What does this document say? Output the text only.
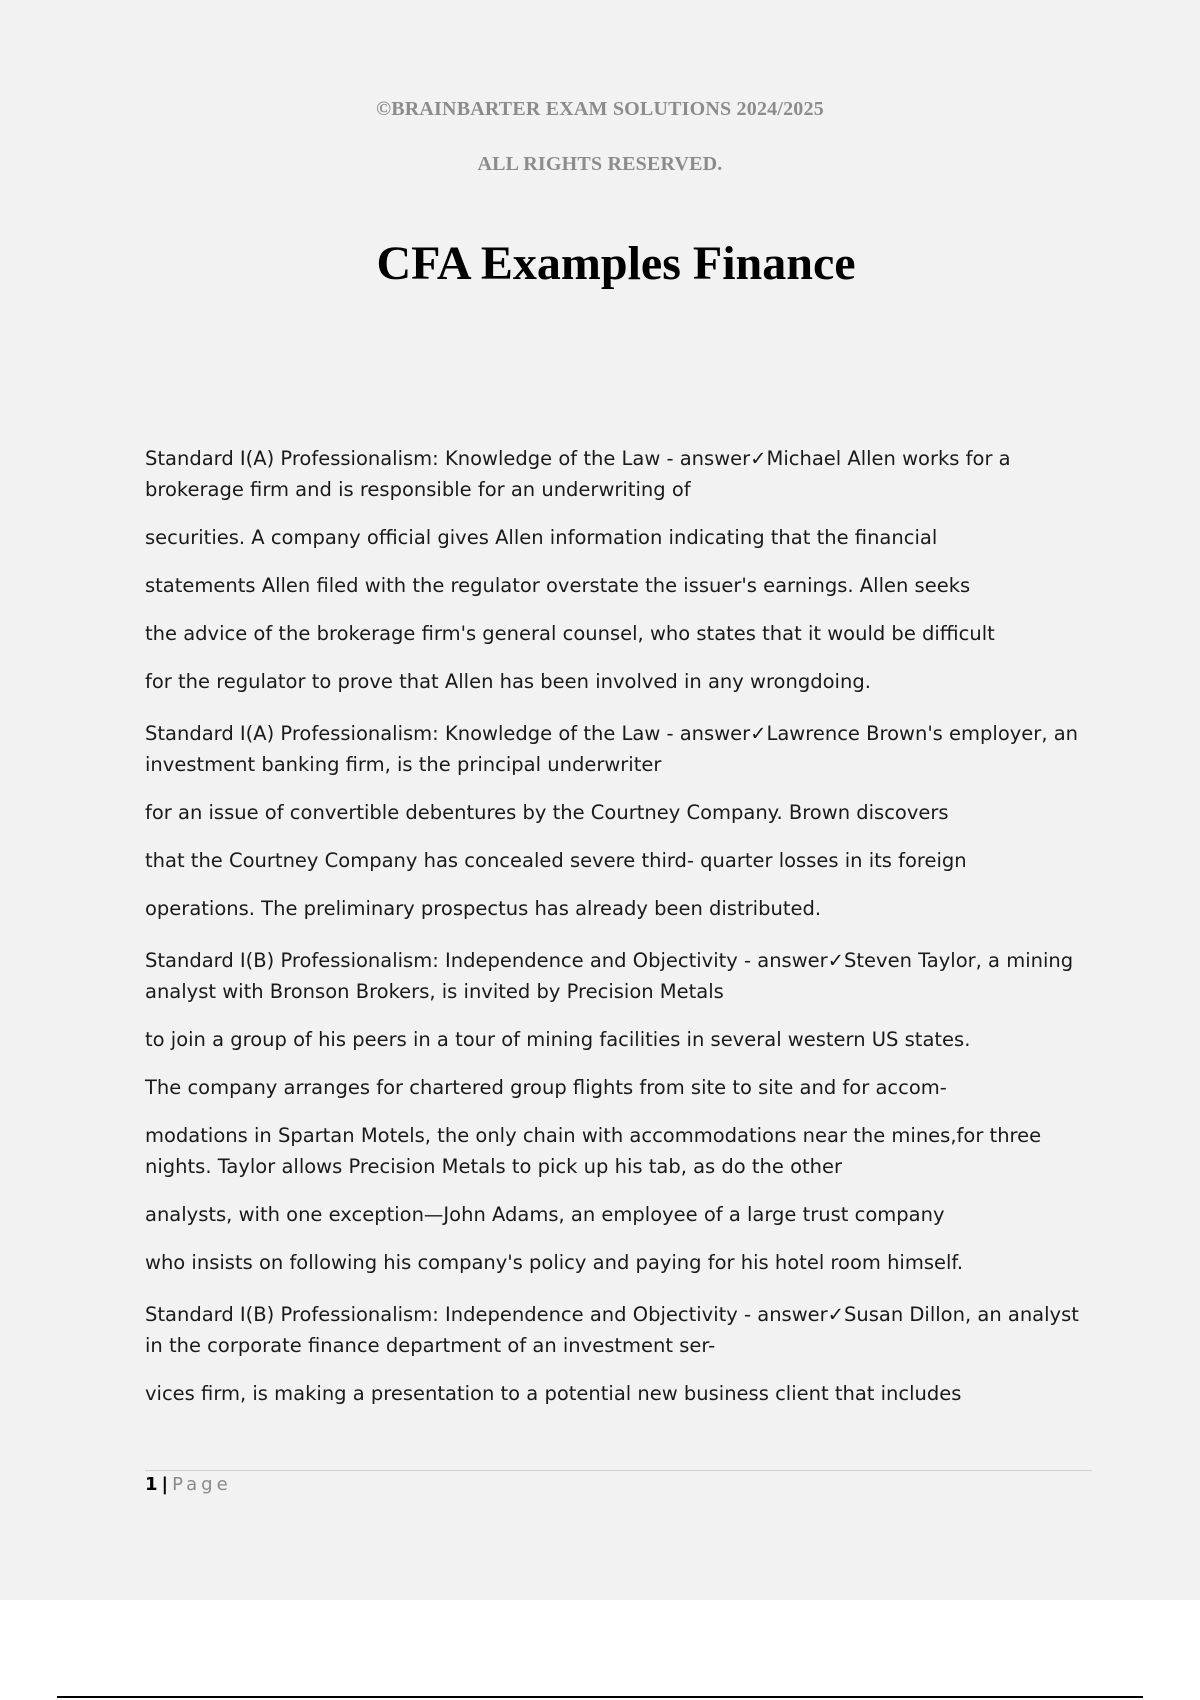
©BRAINBARTER EXAM SOLUTIONS 2024/2025
ALL RIGHTS RESERVED.
CFA Examples Finance

Standard I(A) Professionalism: Knowledge of the Law - answer✓Michael Allen works for a

brokerage firm and is responsible for an underwriting of

securities. A company official gives Allen information indicating that the financial

statements Allen filed with the regulator overstate the issuer's earnings. Allen seeks

the advice of the brokerage firm's general counsel, who states that it would be difficult

for the regulator to prove that Allen has been involved in any wrongdoing.

Standard I(A) Professionalism: Knowledge of the Law - answer✓Lawrence Brown's employer, an

investment banking firm, is the principal underwriter

for an issue of convertible debentures by the Courtney Company. Brown discovers

that the Courtney Company has concealed severe third- quarter losses in its foreign

operations. The preliminary prospectus has already been distributed.

Standard I(B) Professionalism: Independence and Objectivity - answer✓Steven Taylor, a mining

analyst with Bronson Brokers, is invited by Precision Metals

to join a group of his peers in a tour of mining facilities in several western US states.

The company arranges for chartered group flights from site to site and for accom-

modations in Spartan Motels, the only chain with accommodations near the mines,for three

nights. Taylor allows Precision Metals to pick up his tab, as do the other

analysts, with one exception—John Adams, an employee of a large trust company

who insists on following his company's policy and paying for his hotel room himself.

Standard I(B) Professionalism: Independence and Objectivity - answer✓Susan Dillon, an analyst

in the corporate finance department of an investment ser-

vices firm, is making a presentation to a potential new business client that includes

1 | Page
